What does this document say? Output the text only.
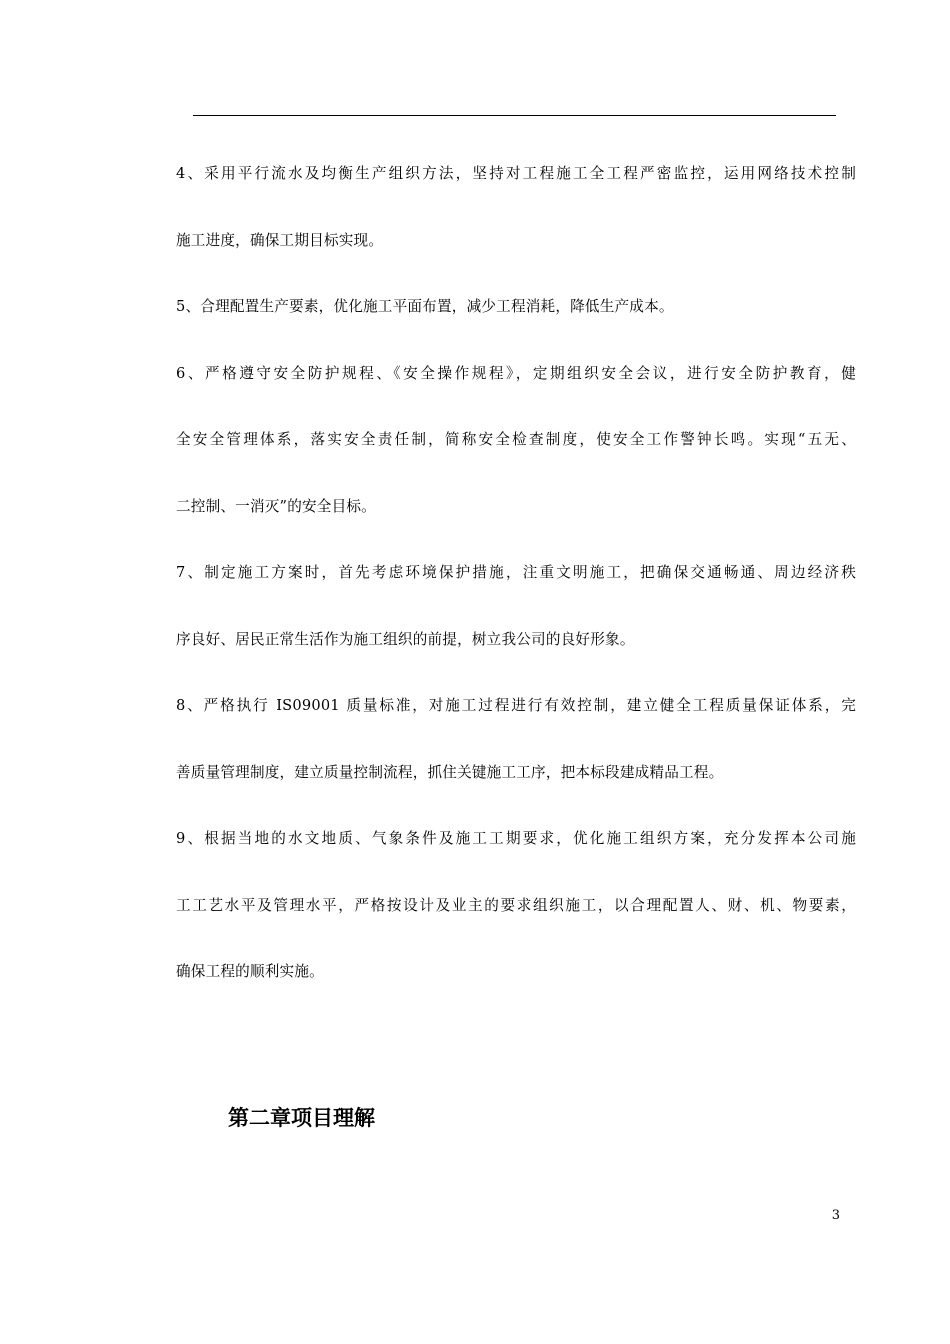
4、采用平行流水及均衡生产组织方法，坚持对工程施工全工程严密监控，运用网络技术控制
施工进度，确保工期目标实现。
5、合理配置生产要素，优化施工平面布置，减少工程消耗，降低生产成本。
6、严格遵守安全防护规程、《安全操作规程》，定期组织安全会议，进行安全防护教育，健
全安全管理体系，落实安全责任制，简称安全检查制度，使安全工作警钟长鸣。实现“五无、
二控制、一消灭”的安全目标。
7、制定施工方案时，首先考虑环境保护措施，注重文明施工，把确保交通畅通、周边经济秩
序良好、居民正常生活作为施工组织的前提，树立我公司的良好形象。
8、严格执行 IS09001 质量标准，对施工过程进行有效控制，建立健全工程质量保证体系，完
善质量管理制度，建立质量控制流程，抓住关键施工工序，把本标段建成精品工程。
9、根据当地的水文地质、气象条件及施工工期要求，优化施工组织方案，充分发挥本公司施
工工艺水平及管理水平，严格按设计及业主的要求组织施工，以合理配置人、财、机、物要素，
确保工程的顺利实施。
第二章项目理解
3
